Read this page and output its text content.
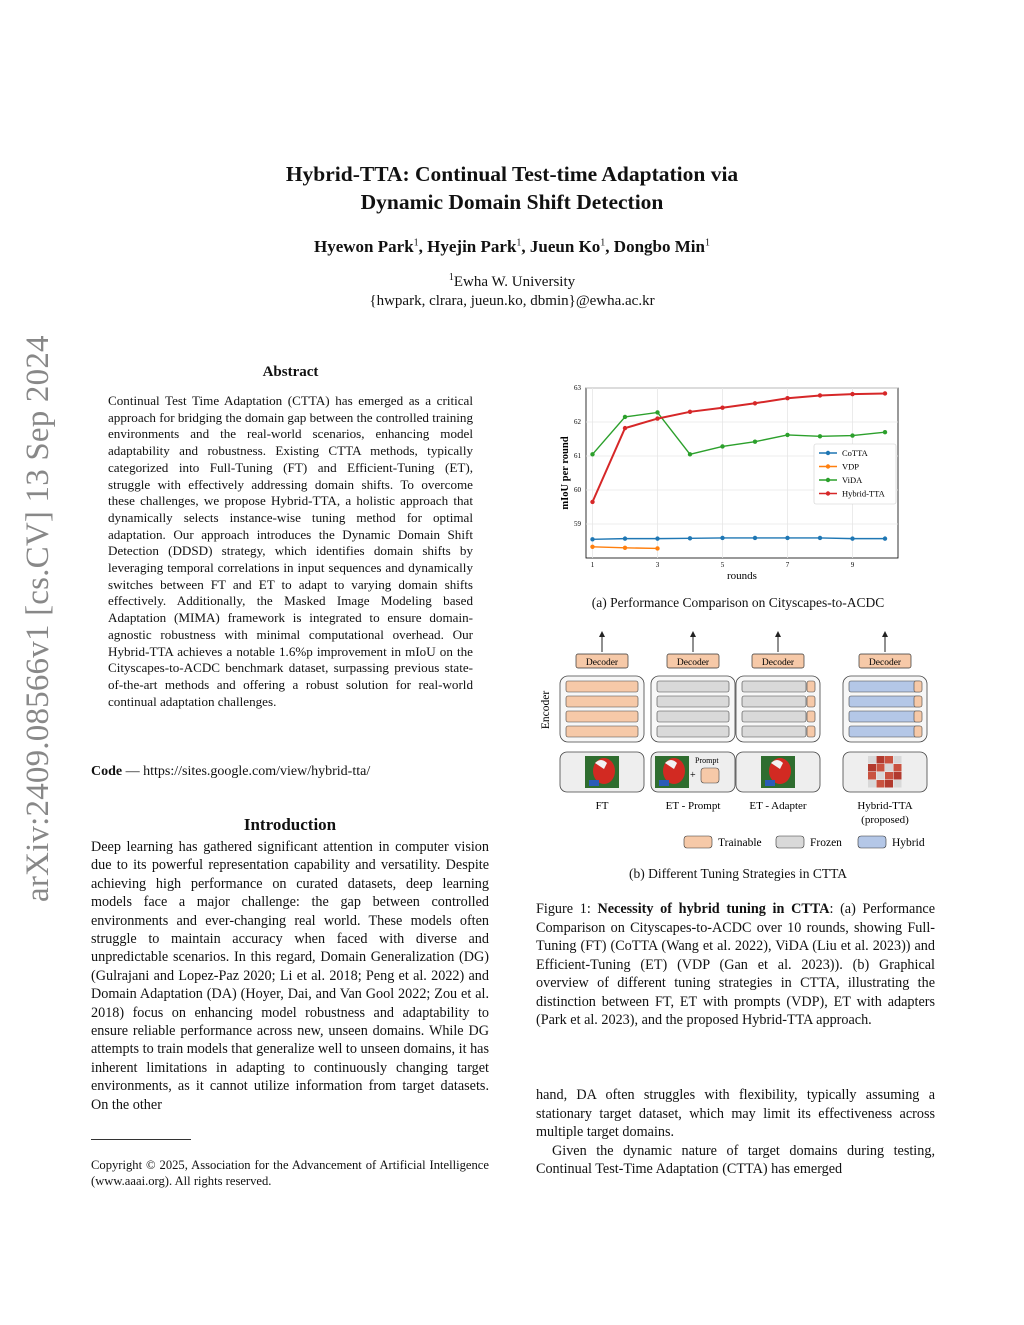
arXiv:2409.08566v1 [cs.CV] 13 Sep 2024
Hybrid-TTA: Continual Test-time Adaptation via
Dynamic Domain Shift Detection
Hyewon Park$^1$, Hyejin Park$^1$, Jueun Ko$^1$, Dongbo Min$^1$
$^1$Ewha W. University
{hwpark, clrara, jueun.ko, dbmin}@ewha.ac.kr
Abstract

Continual Test Time Adaptation (CTTA) has emerged as a critical approach for bridging the domain gap between the controlled training environments and the real-world scenarios, enhancing model adaptability and robustness. Existing CTTA methods, typically categorized into Full-Tuning (FT) and Efficient-Tuning (ET), struggle with effectively addressing domain shifts. To overcome these challenges, we propose Hybrid-TTA, a holistic approach that dynamically selects instance-wise tuning method for optimal adaptation. Our approach introduces the Dynamic Domain Shift Detection (DDSD) strategy, which identifies domain shifts by leveraging temporal correlations in input sequences and dynamically switches between FT and ET to adapt to varying domain shifts effectively. Additionally, the Masked Image Modeling based Adaptation (MIMA) framework is integrated to ensure domain-agnostic robustness with minimal computational overhead. Our Hybrid-TTA achieves a notable 1.6%p improvement in mIoU on the Cityscapes-to-ACDC benchmark dataset, surpassing previous state-of-the-art methods and offering a robust solution for real-world continual adaptation challenges.

Code — https://sites.google.com/view/hybrid-tta/
Introduction

Deep learning has gathered significant attention in computer vision due to its powerful representation capability and versatility. Despite achieving high performance on curated datasets, deep learning models face a major challenge: the gap between controlled environments and ever-changing real world. These models often struggle to maintain accuracy when faced with diverse and unpredictable scenarios. In this regard, Domain Generalization (DG) (Gulrajani and Lopez-Paz 2020; Li et al. 2018; Peng et al. 2022) and Domain Adaptation (DA) (Hoyer, Dai, and Van Gool 2022; Zou et al. 2018) focus on enhancing model robustness and adaptability to ensure reliable performance across new, unseen domains. While DG attempts to train models that generalize well to unseen domains, it has inherent limitations in adapting to continuously changing target environments, as it cannot utilize information from target datasets. On the other

Copyright © 2025, Association for the Advancement of Artificial Intelligence (www.aaai.org). All rights reserved.

59
60
61
62
63
1	3	5	7	9
rounds
mIoU per round	CoTTA
VDP
ViDA
Hybrid-TTA
(a) Performance Comparison on Cityscapes-to-ACDC
Encoder
Decoder
FT
Decoder
Prompt
+
ET - Prompt
Decoder
ET - Adapter
Decoder
Hybrid-TTA
(proposed)
Trainable	Frozen	Hybrid
(b) Different Tuning Strategies in CTTA

Figure 1: Necessity of hybrid tuning in CTTA: (a) Performance Comparison on Cityscapes-to-ACDC over 10 rounds, showing Full-Tuning (FT) (CoTTA (Wang et al. 2022), ViDA (Liu et al. 2023)) and Efficient-Tuning (ET) (VDP (Gan et al. 2023)). (b) Graphical overview of different tuning strategies in CTTA, illustrating the distinction between FT, ET with prompts (VDP), ET with adapters (Park et al. 2023), and the proposed Hybrid-TTA approach.

hand, DA often struggles with flexibility, typically assuming a stationary target dataset, which may limit its effectiveness across multiple target domains.

Given the dynamic nature of target domains during testing, Continual Test-Time Adaptation (CTTA) has emerged
